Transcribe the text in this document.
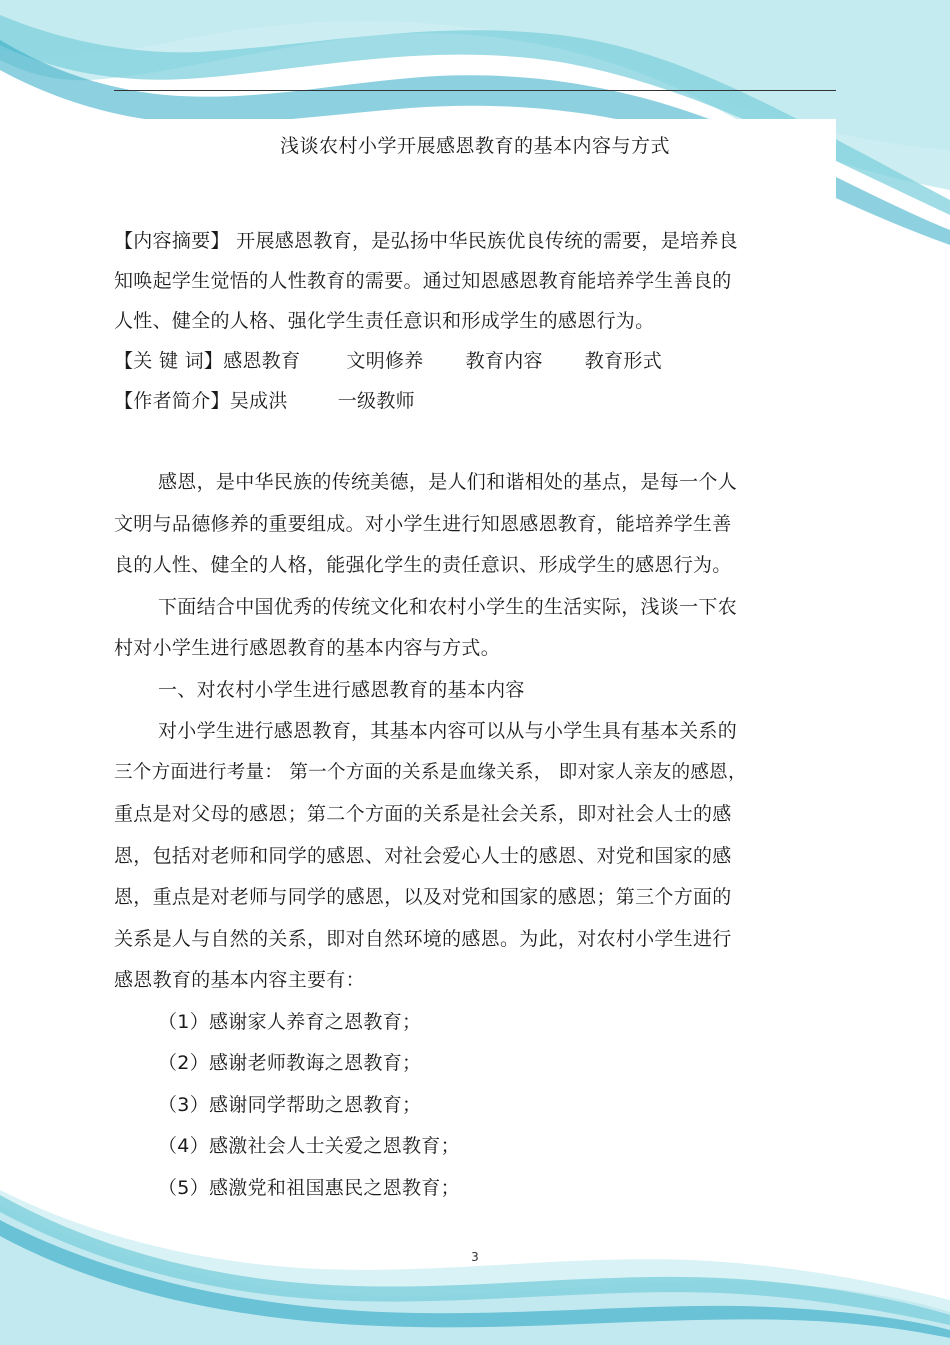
浅谈农村小学开展感恩教育的基本内容与方式
【内容摘要】 开展感恩教育，是弘扬中华民族优良传统的需要，是培养良
知唤起学生觉悟的人性教育的需要。通过知恩感恩教育能培养学生善良的
人性、健全的人格、强化学生责任意识和形成学生的感恩行为。
【关 键 词】感恩教育 文明修养 教育内容 教育形式
【作者简介】吴成洪	一级教师
感恩，是中华民族的传统美德，是人们和谐相处的基点，是每一个人
文明与品德修养的重要组成。对小学生进行知恩感恩教育，能培养学生善
良的人性、健全的人格，能强化学生的责任意识、形成学生的感恩行为。
下面结合中国优秀的传统文化和农村小学生的生活实际，浅谈一下农
村对小学生进行感恩教育的基本内容与方式。
一、对农村小学生进行感恩教育的基本内容
对小学生进行感恩教育，其基本内容可以从与小学生具有基本关系的
三个方面进行考量： 第一个方面的关系是血缘关系， 即对家人亲友的感恩，
重点是对父母的感恩；第二个方面的关系是社会关系，即对社会人士的感
恩，包括对老师和同学的感恩、对社会爱心人士的感恩、对党和国家的感
恩，重点是对老师与同学的感恩，以及对党和国家的感恩；第三个方面的
关系是人与自然的关系，即对自然环境的感恩。为此，对农村小学生进行
感恩教育的基本内容主要有：
（1）感谢家人养育之恩教育；
（2）感谢老师教诲之恩教育；
（3）感谢同学帮助之恩教育；
（4）感激社会人士关爱之恩教育；
（5）感激党和祖国惠民之恩教育；
3
